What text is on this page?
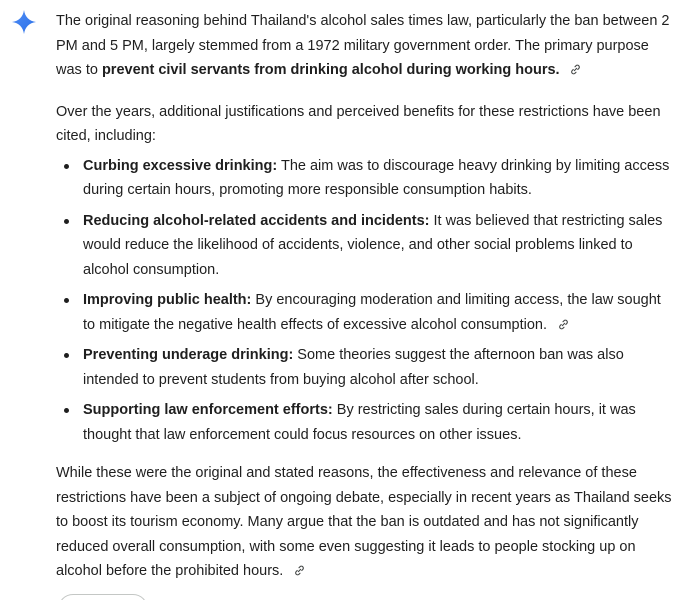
The original reasoning behind Thailand's alcohol sales times law, particularly the ban between 2 PM and 5 PM, largely stemmed from a 1972 military government order. The primary purpose was to prevent civil servants from drinking alcohol during working hours.

Over the years, additional justifications and perceived benefits for these restrictions have been cited, including:

Curbing excessive drinking: The aim was to discourage heavy drinking by limiting access during certain hours, promoting more responsible consumption habits.
Reducing alcohol-related accidents and incidents: It was believed that restricting sales would reduce the likelihood of accidents, violence, and other social problems linked to alcohol consumption.
Improving public health: By encouraging moderation and limiting access, the law sought to mitigate the negative health effects of excessive alcohol consumption.
Preventing underage drinking: Some theories suggest the afternoon ban was also intended to prevent students from buying alcohol after school.
Supporting law enforcement efforts: By restricting sales during certain hours, it was thought that law enforcement could focus resources on other issues.

While these were the original and stated reasons, the effectiveness and relevance of these restrictions have been a subject of ongoing debate, especially in recent years as Thailand seeks to boost its tourism economy. Many argue that the ban is outdated and has not significantly reduced overall consumption, with some even suggesting it leads to people stocking up on alcohol before the prohibited hours.
